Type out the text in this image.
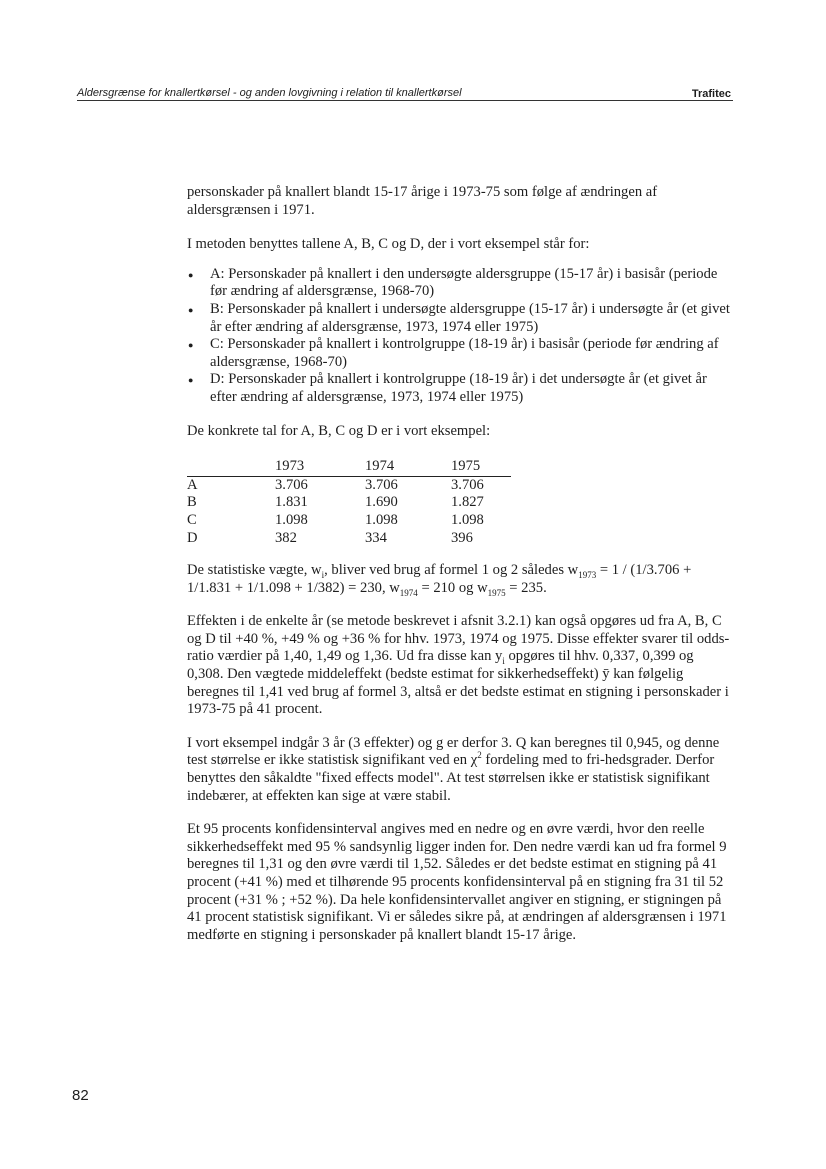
Aldersgrænse for knallertkørsel - og anden lovgivning i relation til knallertkørsel	Trafitec

personskader på knallert blandt 15-17 årige i 1973-75 som følge af ændringen af aldersgrænsen i 1971.

I metoden benyttes tallene A, B, C og D, der i vort eksempel står for:

● A: Personskader på knallert i den undersøgte aldersgruppe (15-17 år) i basisår (periode før ændring af aldersgrænse, 1968-70)
● B: Personskader på knallert i undersøgte aldersgruppe (15-17 år) i undersøgte år (et givet år efter ændring af aldersgrænse, 1973, 1974 eller 1975)
● C: Personskader på knallert i kontrolgruppe (18-19 år) i basisår (periode før ændring af aldersgrænse, 1968-70)
● D: Personskader på knallert i kontrolgruppe (18-19 år) i det undersøgte år (et givet år efter ændring af aldersgrænse, 1973, 1974 eller 1975)

De konkrete tal for A, B, C og D er i vort eksempel:

	1973	1974	1975
A	3.706	3.706	3.706
B	1.831	1.690	1.827
C	1.098	1.098	1.098
D	382	334	396

De statistiske vægte, $w_i$, bliver ved brug af formel 1 og 2 således $w_{1973} = 1 / (1/3.706 + 1/1.831 + 1/1.098 + 1/382) = 230$, $w_{1974} = 210$ og $w_{1975} = 235$.

Effekten i de enkelte år (se metode beskrevet i afsnit 3.2.1) kan også opgøres ud fra A, B, C og D til +40 %, +49 % og +36 % for hhv. 1973, 1974 og 1975. Disse effekter svarer til odds-ratio værdier på 1,40, 1,49 og 1,36. Ud fra disse kan $y_i$ opgøres til hhv. 0,337, 0,399 og 0,308. Den vægtede middeleffekt (bedste estimat for sikkerhedseffekt) ȳ kan følgelig beregnes til 1,41 ved brug af formel 3, altså er det bedste estimat en stigning i personskader i 1973-75 på 41 procent.

I vort eksempel indgår 3 år (3 effekter) og g er derfor 3. Q kan beregnes til 0,945, og denne test størrelse er ikke statistisk signifikant ved en $\chi^2$ fordeling med to fri-hedsgrader. Derfor benyttes den såkaldte "fixed effects model". At test størrelsen ikke er statistisk signifikant indebærer, at effekten kan sige at være stabil.

Et 95 procents konfidensinterval angives med en nedre og en øvre værdi, hvor den reelle sikkerhedseffekt med 95 % sandsynlig ligger inden for. Den nedre værdi kan ud fra formel 9 beregnes til 1,31 og den øvre værdi til 1,52. Således er det bedste estimat en stigning på 41 procent (+41 %) med et tilhørende 95 procents konfidensinterval på en stigning fra 31 til 52 procent (+31 % ; +52 %). Da hele konfidensintervallet angiver en stigning, er stigningen på 41 procent statistisk signifikant. Vi er således sikre på, at ændringen af aldersgrænsen i 1971 medførte en stigning i personskader på knallert blandt 15-17 årige.

82
